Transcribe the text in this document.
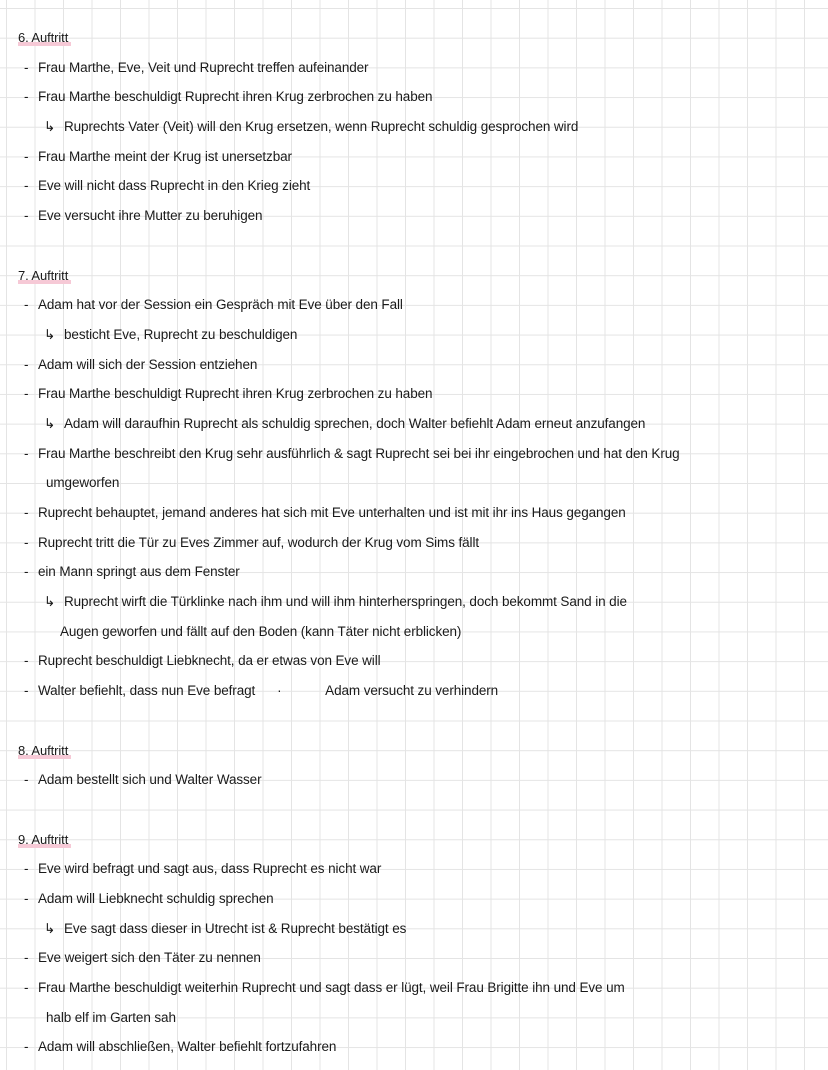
6. Auftritt
- Frau Marthe, Eve, Veit und Ruprecht treffen aufeinander
- Frau Marthe beschuldigt Ruprecht ihren Krug zerbrochen zu haben
↳ Ruprechts Vater (Veit) will den Krug ersetzen, wenn Ruprecht schuldig gesprochen wird
- Frau Marthe meint der Krug ist unersetzbar
- Eve will nicht dass Ruprecht in den Krieg zieht
- Eve versucht ihre Mutter zu beruhigen
7. Auftritt
- Adam hat vor der Session ein Gespräch mit Eve über den Fall
↳ besticht Eve, Ruprecht zu beschuldigen
- Adam will sich der Session entziehen
- Frau Marthe beschuldigt Ruprecht ihren Krug zerbrochen zu haben
↳ Adam will daraufhin Ruprecht als schuldig sprechen, doch Walter befiehlt Adam erneut anzufangen
- Frau Marthe beschreibt den Krug sehr ausführlich & sagt Ruprecht sei bei ihr eingebrochen und hat den Krug
umgeworfen
- Ruprecht behauptet, jemand anderes hat sich mit Eve unterhalten und ist mit ihr ins Haus gegangen
- Ruprecht tritt die Tür zu Eves Zimmer auf, wodurch der Krug vom Sims fällt
- ein Mann springt aus dem Fenster
↳ Ruprecht wirft die Türklinke nach ihm und will ihm hinterherspringen, doch bekommt Sand in die
Augen geworfen und fällt auf den Boden (kann Täter nicht erblicken)
- Ruprecht beschuldigt Liebknecht, da er etwas von Eve will
- Walter befiehlt, dass nun Eve befragt ·	Adam versucht zu verhindern
8. Auftritt
- Adam bestellt sich und Walter Wasser
9. Auftritt
- Eve wird befragt und sagt aus, dass Ruprecht es nicht war
- Adam will Liebknecht schuldig sprechen
↳ Eve sagt dass dieser in Utrecht ist & Ruprecht bestätigt es
- Eve weigert sich den Täter zu nennen
- Frau Marthe beschuldigt weiterhin Ruprecht und sagt dass er lügt, weil Frau Brigitte ihn und Eve um
halb elf im Garten sah
- Adam will abschließen, Walter befiehlt fortzufahren
